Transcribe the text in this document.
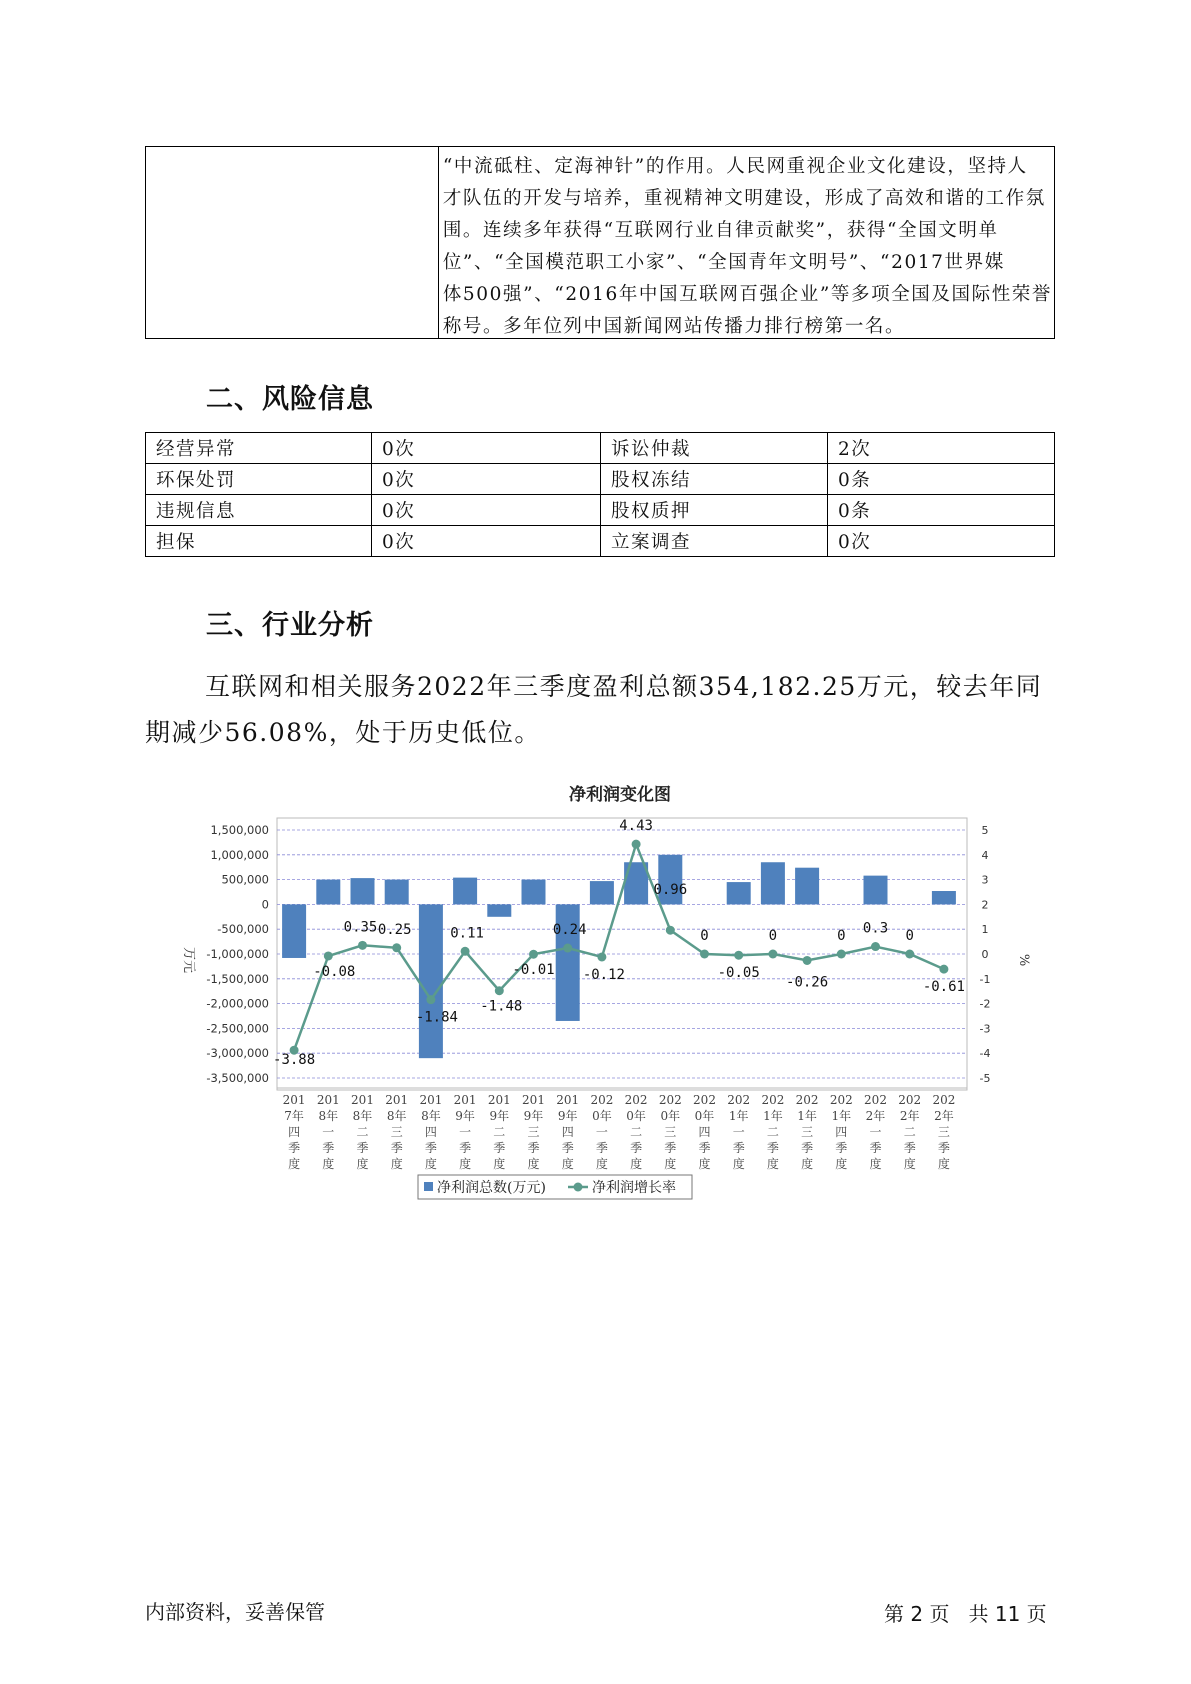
“中流砥柱、定海神针”的作用。人民网重视企业文化建设，坚持人
才队伍的开发与培养，重视精神文明建设，形成了高效和谐的工作氛
围。连续多年获得“互联网行业自律贡献奖”，获得“全国文明单
位”、“全国模范职工小家”、“全国青年文明号”、“2017世界媒
体500强”、“2016年中国互联网百强企业”等多项全国及国际性荣誉
称号。多年位列中国新闻网站传播力排行榜第一名。
二、风险信息
经营异常	0次	诉讼仲裁	2次
环保处罚	0次	股权冻结	0条
违规信息	0次	股权质押	0条
担保	0次	立案调查	0次
三、行业分析
互联网和相关服务2022年三季度盈利总额354,182.25万元，较去年同
期减少56.08%，处于历史低位。
净利润变化图
1,500,000
1,000,000
500,000
0
-500,000
-1,000,000
-1,500,000
-2,000,000
-2,500,000
-3,000,000
-3,500,000
5
4
3
2
1
0
-1
-2
-3
-4
-5
万元	%
-3.88
-0.08
0.35 0.25
-1.84
0.11
-1.48
-0.01
0.24
-0.12
4.43
0.96
0
-0.05
0
-0.26
0 0.3 0
-0.61
201 7年四季度
201 8年一季度
201 8年二季度
201 8年三季度
201 8年四季度
201 9年一季度
201 9年二季度
201 9年三季度
201 9年四季度
202 0年一季度
202 0年二季度
202 0年三季度
202 0年四季度
202 1年一季度
202 1年二季度
202 1年三季度
202 1年四季度
202 2年一季度
202 2年二季度
202 2年三季度
净利润总数(万元)	净利润增长率
内部资料，妥善保管	第 2 页   共 11 页
